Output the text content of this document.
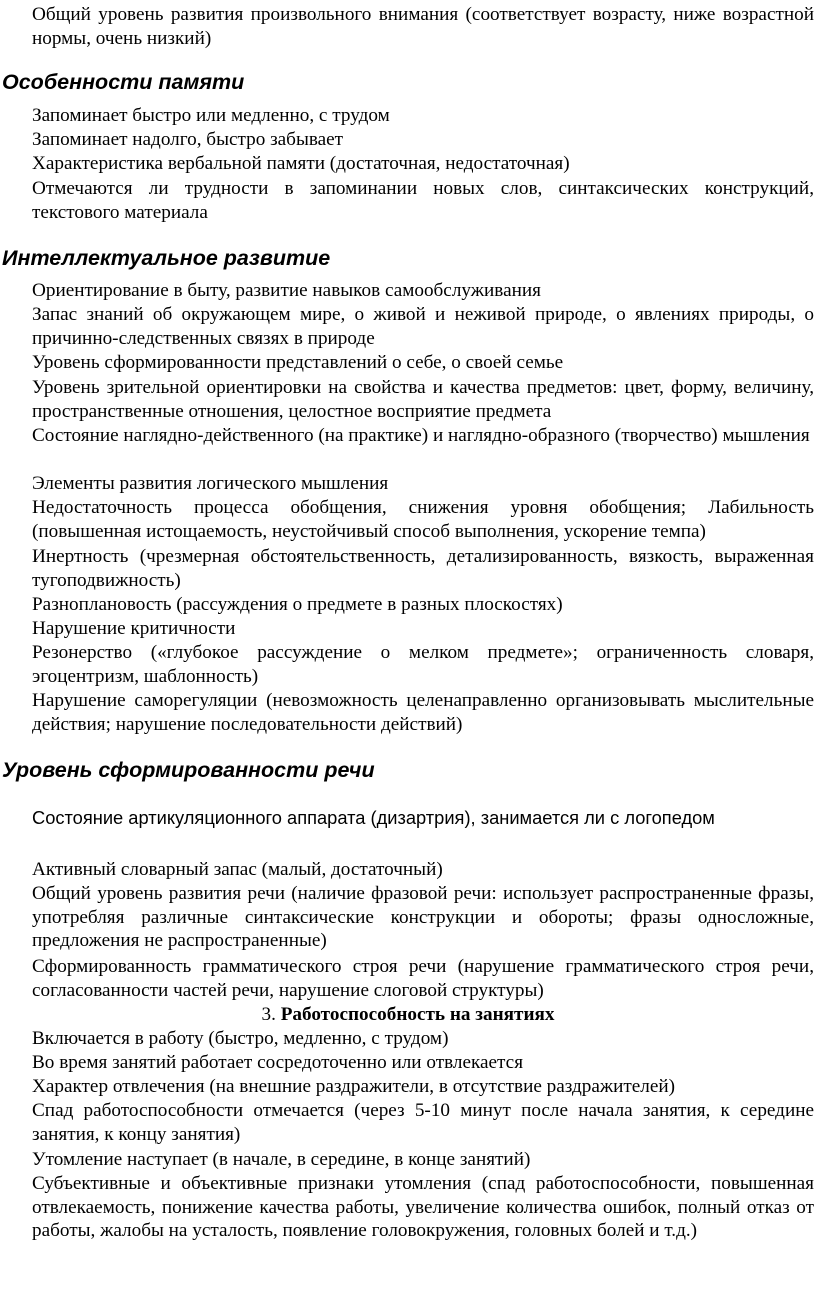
Общий уровень развития произвольного внимания (соответствует возрасту, ниже возрастной нормы, очень низкий)

Особенности памяти

Запоминает быстро или медленно, с трудом

Запоминает надолго, быстро забывает

Характеристика вербальной памяти (достаточная, недостаточная)

Отмечаются ли трудности в запоминании новых слов, синтаксических конструкций, текстового материала

Интеллектуальное развитие

Ориентирование в быту, развитие навыков самообслуживания

Запас знаний об окружающем мире, о живой и неживой природе, о явлениях природы, о причинно-следственных связях в природе

Уровень сформированности представлений о себе, о своей семье

Уровень зрительной ориентировки на свойства и качества предметов: цвет, форму, величину, пространственные отношения, целостное восприятие предмета

Состояние наглядно-действенного (на практике) и наглядно-образного (творчество) мышления

Элементы развития логического мышления

Недостаточность процесса обобщения, снижения уровня обобщения; Лабильность (повышенная истощаемость, неустойчивый способ выполнения, ускорение темпа)

Инертность (чрезмерная обстоятельственность, детализированность, вязкость, выраженная тугоподвижность)

Разноплановость (рассуждения о предмете в разных плоскостях)

Нарушение критичности

Резонерство («глубокое рассуждение о мелком предмете»; ограниченность словаря, эгоцентризм, шаблонность)

Нарушение саморегуляции (невозможность целенаправленно организовывать мыслительные действия; нарушение последовательности действий)

Уровень сформированности речи

Состояние артикуляционного аппарата (дизартрия), занимается ли с логопедом

Активный словарный запас (малый, достаточный)

Общий уровень развития речи (наличие фразовой речи: использует распространенные фразы, употребляя различные синтаксические конструкции и обороты; фразы односложные, предложения не распространенные)

Сформированность грамматического строя речи (нарушение грамматического строя речи, согласованности частей речи, нарушение слоговой структуры)

3. Работоспособность на занятиях

Включается в работу (быстро, медленно, с трудом)

Во время занятий работает сосредоточенно или отвлекается

Характер отвлечения (на внешние раздражители, в отсутствие раздражителей)

Спад работоспособности отмечается (через 5-10 минут после начала занятия, к середине занятия, к концу занятия)

Утомление наступает (в начале, в середине, в конце занятий)

Субъективные и объективные признаки утомления (спад работоспособности, повышенная отвлекаемость, понижение качества работы, увеличение количества ошибок, полный отказ от работы, жалобы на усталость, появление головокружения, головных болей и т.д.)
